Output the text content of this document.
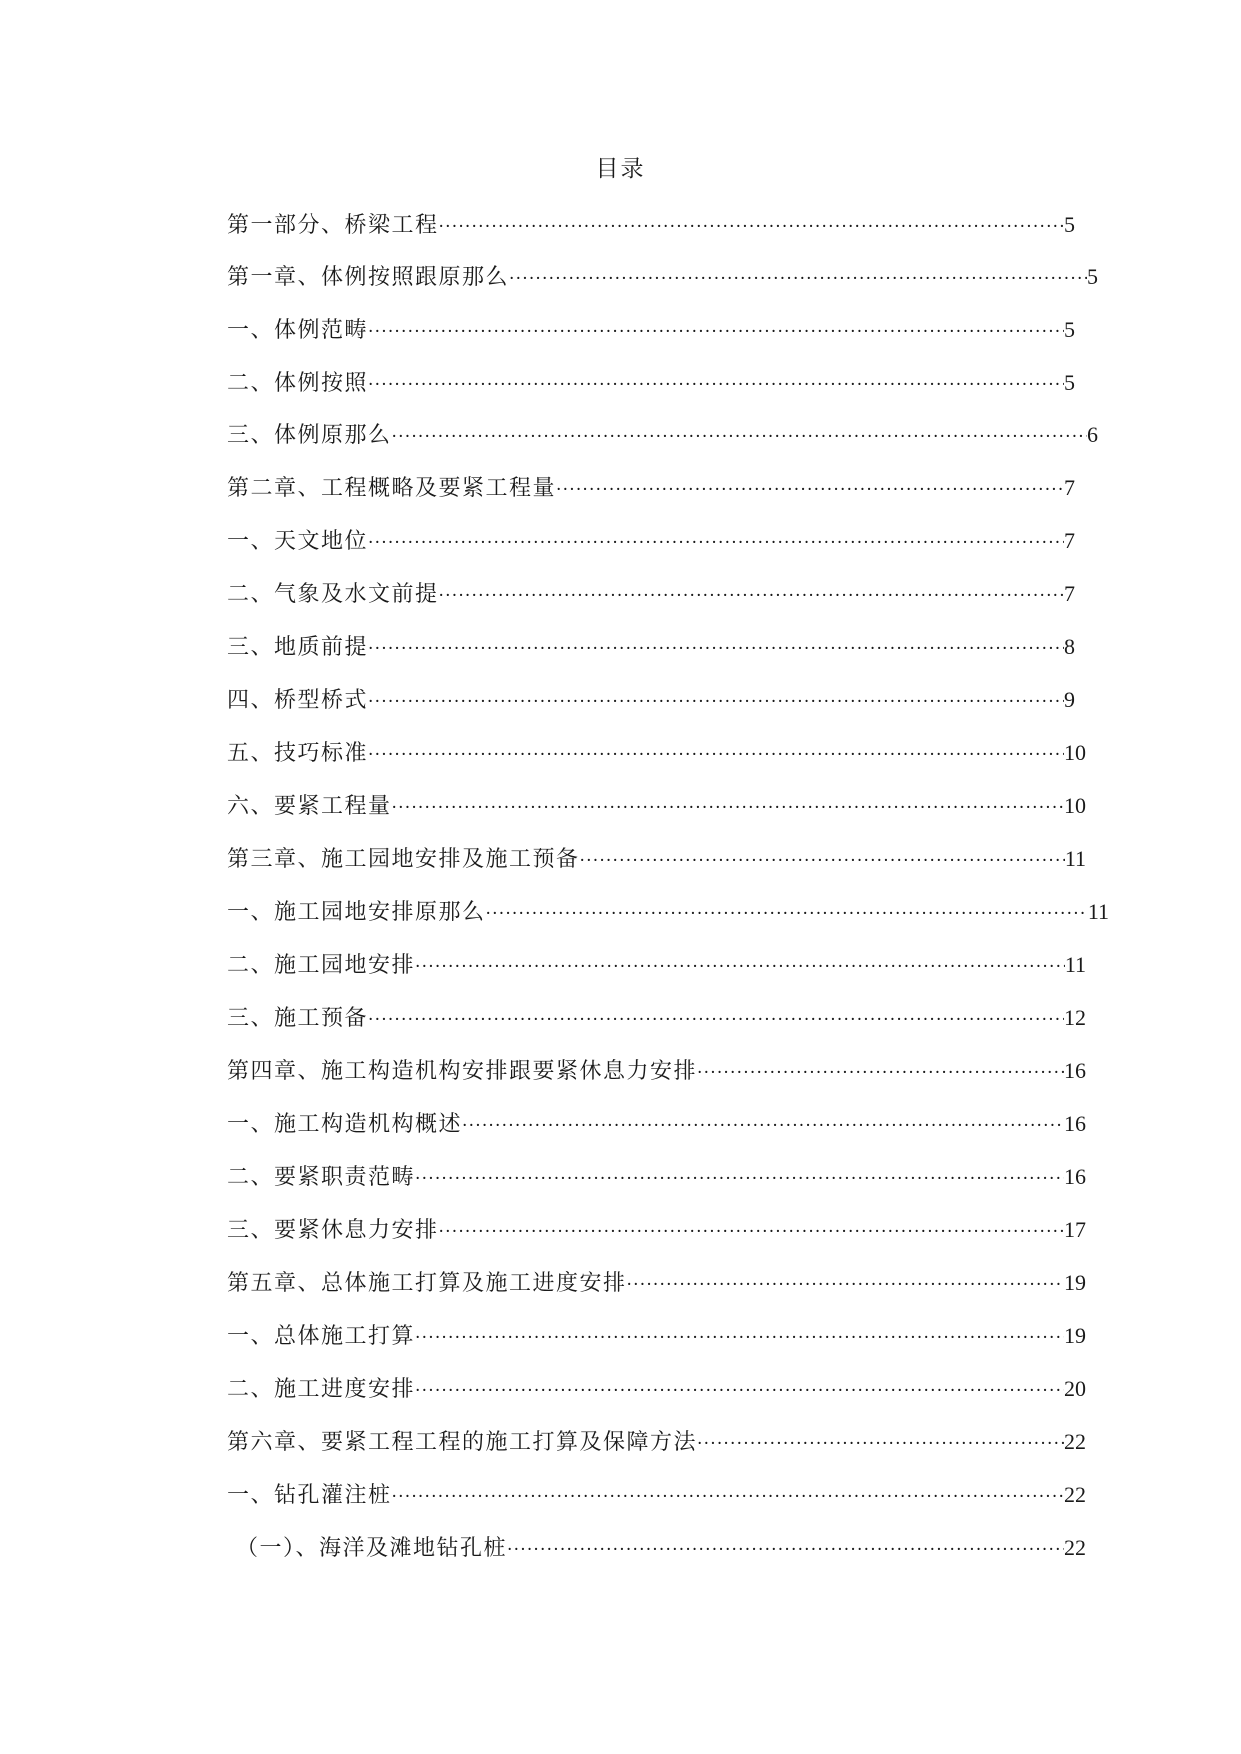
目录
第一部分、桥梁工程 ·····	5
第一章、体例按照跟原那么 ·····	5
一、体例范畴 ·····	5
二、体例按照 ·····	5
三、体例原那么 ·····	6
第二章、工程概略及要紧工程量 ·····	7
一、天文地位 ·····	7
二、气象及水文前提 ·····	7
三、地质前提 ·····	8
四、桥型桥式 ·····	9
五、技巧标准 ·····	10
六、要紧工程量 ·····	10
第三章、施工园地安排及施工预备 ·····	11
一、施工园地安排原那么 ·····	11
二、施工园地安排 ·····	11
三、施工预备 ·····	12
第四章、施工构造机构安排跟要紧休息力安排 ·····	16
一、施工构造机构概述 ·····	16
二、要紧职责范畴 ·····	16
三、要紧休息力安排 ·····	17
第五章、总体施工打算及施工进度安排 ·····	19
一、总体施工打算 ·····	19
二、施工进度安排 ·····	20
第六章、要紧工程工程的施工打算及保障方法 ·····	22
一、钻孔灌注桩 ·····	22
（一）、海洋及滩地钻孔桩 ·····	22
